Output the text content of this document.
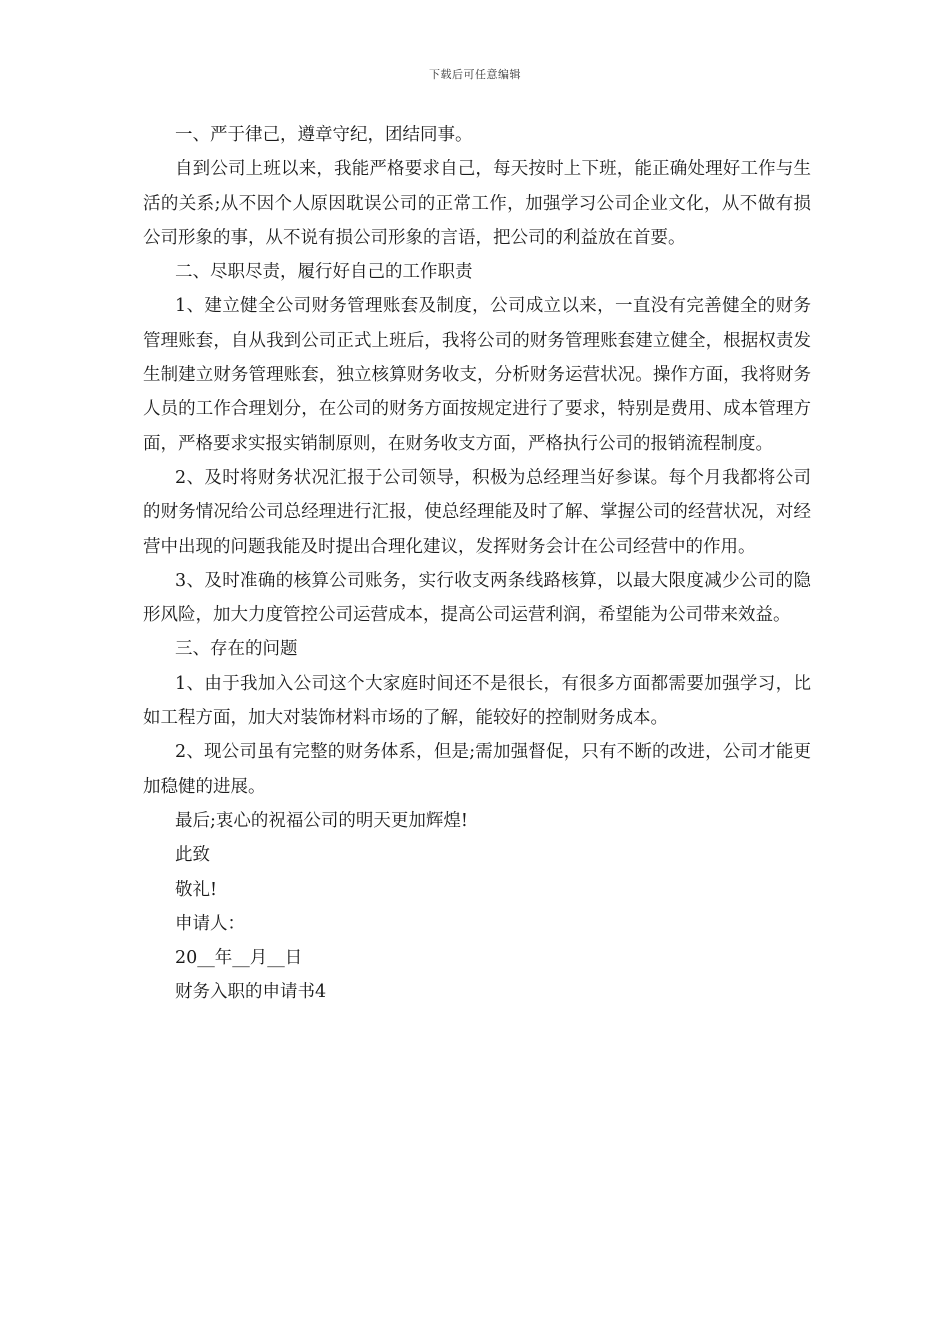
下载后可任意编辑

一、严于律己，遵章守纪，团结同事。

自到公司上班以来，我能严格要求自己，每天按时上下班，能正确处理好工作与生活的关系;从不因个人原因耽误公司的正常工作，加强学习公司企业文化，从不做有损公司形象的事，从不说有损公司形象的言语，把公司的利益放在首要。

二、尽职尽责，履行好自己的工作职责

1、建立健全公司财务管理账套及制度，公司成立以来，一直没有完善健全的财务管理账套，自从我到公司正式上班后，我将公司的财务管理账套建立健全，根据权责发生制建立财务管理账套，独立核算财务收支，分析财务运营状况。操作方面，我将财务人员的工作合理划分，在公司的财务方面按规定进行了要求，特别是费用、成本管理方面，严格要求实报实销制原则，在财务收支方面，严格执行公司的报销流程制度。

2、及时将财务状况汇报于公司领导，积极为总经理当好参谋。每个月我都将公司的财务情况给公司总经理进行汇报，使总经理能及时了解、掌握公司的经营状况，对经营中出现的问题我能及时提出合理化建议，发挥财务会计在公司经营中的作用。

3、及时准确的核算公司账务，实行收支两条线路核算，以最大限度减少公司的隐形风险，加大力度管控公司运营成本，提高公司运营利润，希望能为公司带来效益。

三、存在的问题

1、由于我加入公司这个大家庭时间还不是很长，有很多方面都需要加强学习，比如工程方面，加大对装饰材料市场的了解，能较好的控制财务成本。

2、现公司虽有完整的财务体系，但是;需加强督促，只有不断的改进，公司才能更加稳健的进展。

最后;衷心的祝福公司的明天更加辉煌!

此致

敬礼!

申请人：

20__年__月__日

财务入职的申请书4
